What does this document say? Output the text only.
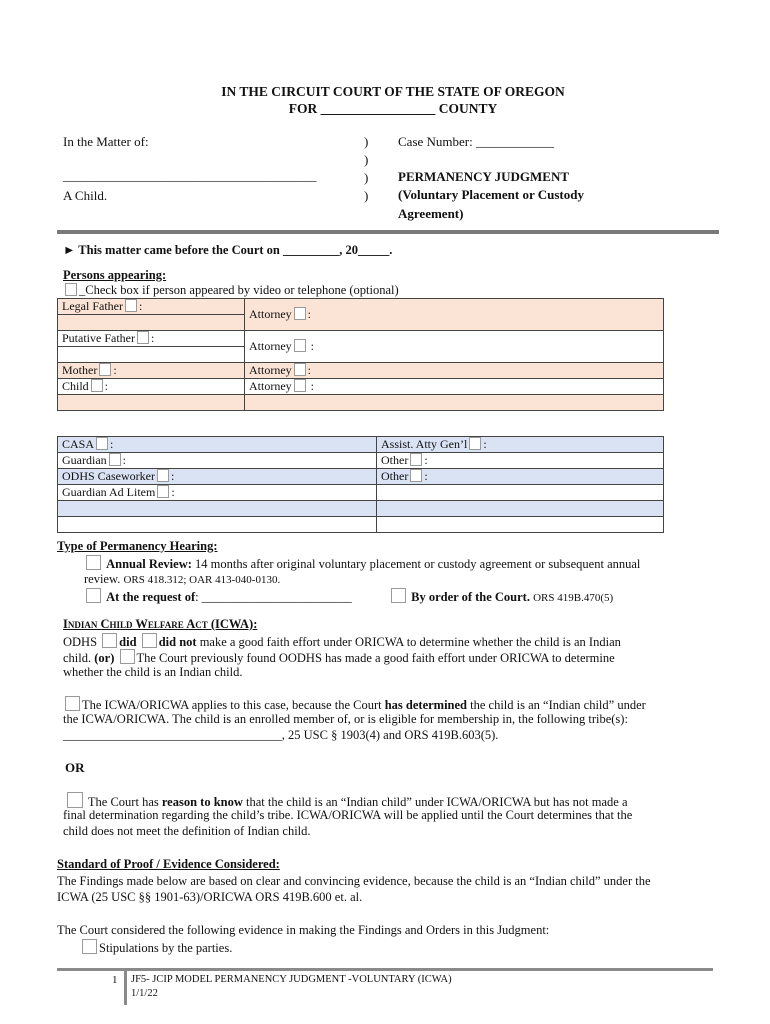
IN THE CIRCUIT COURT OF THE STATE OF OREGON
FOR _________________ COUNTY
In the Matter of:
_______________________________________
A Child.
)
)
)
)
Case Number: ____________
PERMANENCY JUDGMENT
(Voluntary Placement or Custody
Agreement)
► This matter came before the Court on _________, 20_____.
Persons appearing:
_Check box if person appeared by video or telephone (optional)
Legal Father :	Attorney :

Putative Father :	Attorney :

Mother :	Attorney :
Child :	Attorney :

CASA :	Assist. Atty Gen’l :
Guardian :	Other :
ODHS Caseworker :	Other :
Guardian Ad Litem :	

Type of Permanency Hearing:
Annual Review: 14 months after original voluntary placement or custody agreement or subsequent annual
review. ORS 418.312; OAR 413-040-0130.
At the request of: ________________________	By order of the Court. ORS 419B.470(5)
Indian Child Welfare Act (ICWA):
ODHS did did not make a good faith effort under ORICWA to determine whether the child is an Indian
child. (or) The Court previously found OODHS has made a good faith effort under ORICWA to determine
whether the child is an Indian child.
The ICWA/ORICWA applies to this case, because the Court has determined the child is an “Indian child” under
the ICWA/ORICWA. The child is an enrolled member of, or is eligible for membership in, the following tribe(s):
___________________________________, 25 USC § 1903(4) and ORS 419B.603(5).
OR
The Court has reason to know that the child is an “Indian child” under ICWA/ORICWA but has not made a
final determination regarding the child’s tribe. ICWA/ORICWA will be applied until the Court determines that the
child does not meet the definition of Indian child.
Standard of Proof / Evidence Considered:
The Findings made below are based on clear and convincing evidence, because the child is an “Indian child” under the
ICWA (25 USC §§ 1901-63)/ORICWA ORS 419B.600 et. al.
The Court considered the following evidence in making the Findings and Orders in this Judgment:
Stipulations by the parties.
1 JF5- JCIP MODEL PERMANENCY JUDGMENT -VOLUNTARY (ICWA)
1/1/22
